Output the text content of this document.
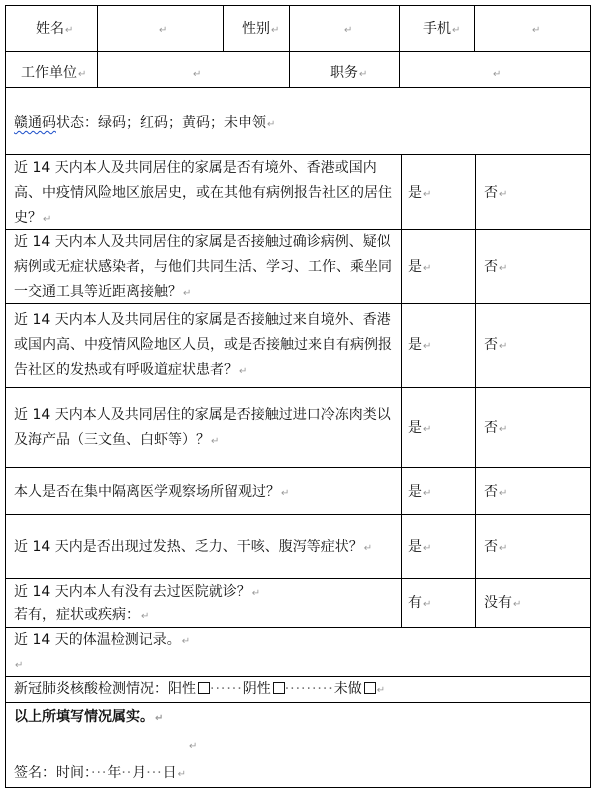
姓名↵	↵	性别↵	↵	手机↵	↵
工作单位↵	↵	职务↵	↵
赣通码状态：绿码；红码；黄码；未申领↵
近 14 天内本人及共同居住的家属是否有境外、香港或国内高、中疫情风险地区旅居史，或在其他有病例报告社区的居住史？↵
是↵	否↵
近 14 天内本人及共同居住的家属是否接触过确诊病例、疑似病例或无症状感染者，与他们共同生活、学习、工作、乘坐同一交通工具等近距离接触？↵
是↵	否↵
近 14 天内本人及共同居住的家属是否接触过来自境外、香港或国内高、中疫情风险地区人员，或是否接触过来自有病例报告社区的发热或有呼吸道症状患者？↵
是↵	否↵
近 14 天内本人及共同居住的家属是否接触过进口冷冻肉类以及海产品（三文鱼、白虾等）？↵
是↵	否↵
本人是否在集中隔离医学观察场所留观过？↵	是↵	否↵
近 14 天内是否出现过发热、乏力、干咳、腹泻等症状？↵	是↵	否↵
近 14 天内本人有没有去过医院就诊？↵
若有，症状或疾病：↵
有↵	没有↵
近 14 天的体温检测记录。↵
↵
新冠肺炎核酸检测情况：阳性 ······阴性 ·········未做 ↵
以上所填写情况属实。↵
↵
签名：时间：···年··月···日↵
